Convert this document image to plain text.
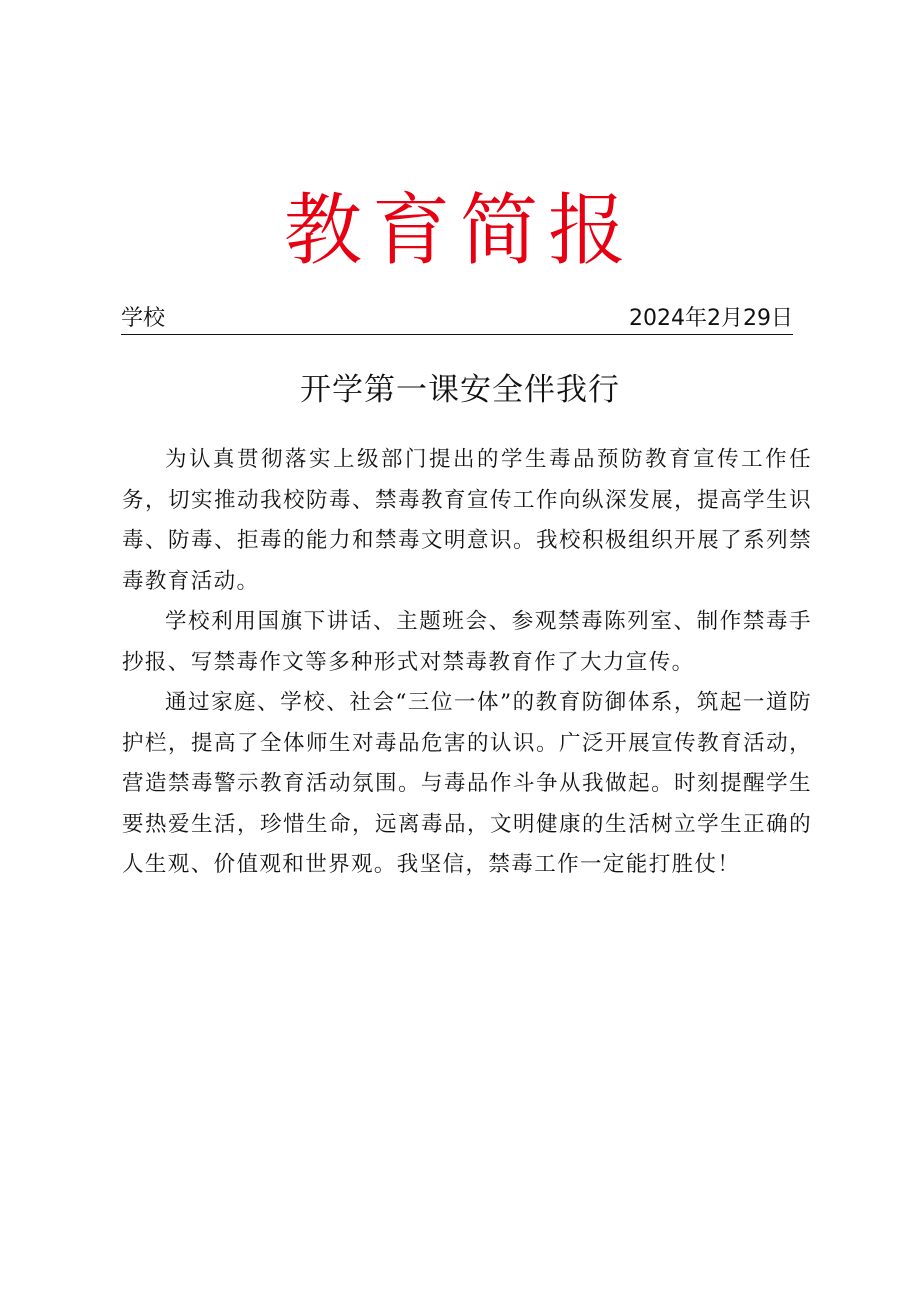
教育简报
学校	2024年2月29日
开学第一课安全伴我行

为认真贯彻落实上级部门提出的学生毒品预防教育宣传工作任务，切实推动我校防毒、禁毒教育宣传工作向纵深发展，提高学生识毒、防毒、拒毒的能力和禁毒文明意识。我校积极组织开展了系列禁毒教育活动。

学校利用国旗下讲话、主题班会、参观禁毒陈列室、制作禁毒手抄报、写禁毒作文等多种形式对禁毒教育作了大力宣传。

通过家庭、学校、社会“三位一体”的教育防御体系，筑起一道防护栏，提高了全体师生对毒品危害的认识。广泛开展宣传教育活动，营造禁毒警示教育活动氛围。与毒品作斗争从我做起。时刻提醒学生要热爱生活，珍惜生命，远离毒品，文明健康的生活树立学生正确的人生观、价值观和世界观。我坚信，禁毒工作一定能打胜仗！
